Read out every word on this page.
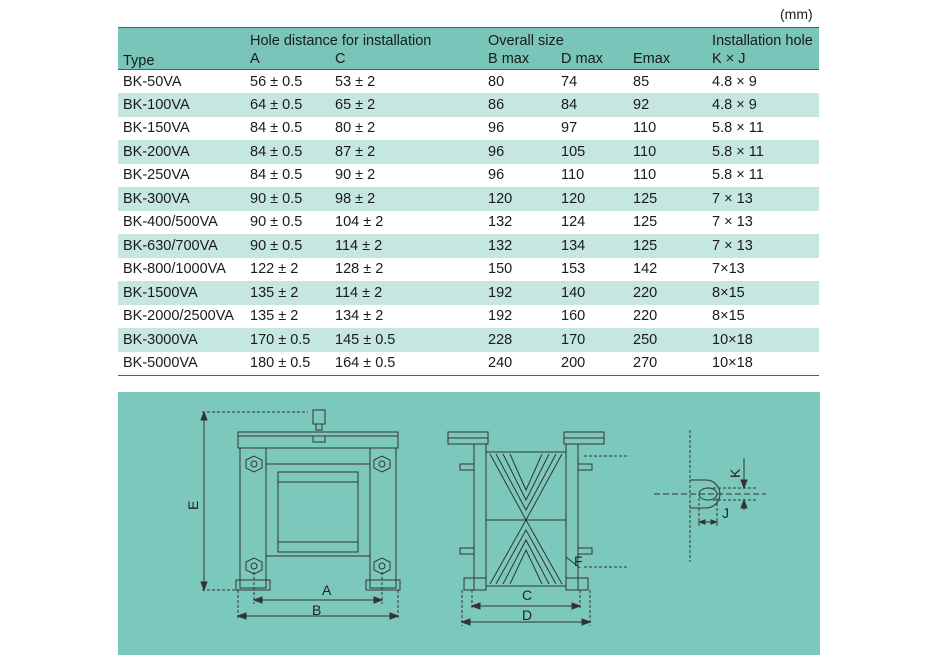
(mm)
Type	Hole distance for installation		Overall size			Installation hole
	A	C	B max	D max	Emax	K × J
BK-50VA	56 ± 0.5	53 ± 2	80	74	85	4.8 × 9
BK-100VA	64 ± 0.5	65 ± 2	86	84	92	4.8 × 9
BK-150VA	84 ± 0.5	80 ± 2	96	97	110	5.8 × 11
BK-200VA	84 ± 0.5	87 ± 2	96	105	110	5.8 × 11
BK-250VA	84 ± 0.5	90 ± 2	96	110	110	5.8 × 11
BK-300VA	90 ± 0.5	98 ± 2	120	120	125	7 × 13
BK-400/500VA	90 ± 0.5	104 ± 2	132	124	125	7 × 13
BK-630/700VA	90 ± 0.5	114 ± 2	132	134	125	7 × 13
BK-800/1000VA	122 ± 2	128 ± 2	150	153	142	7×13
BK-1500VA	135 ± 2	114 ± 2	192	140	220	8×15
BK-2000/2500VA	135 ± 2	134 ± 2	192	160	220	8×15
BK-3000VA	170 ± 0.5	145 ± 0.5	228	170	250	10×18
BK-5000VA	180 ± 0.5	164 ± 0.5	240	200	270	10×18
E
A
B
C
D
F
K
J
